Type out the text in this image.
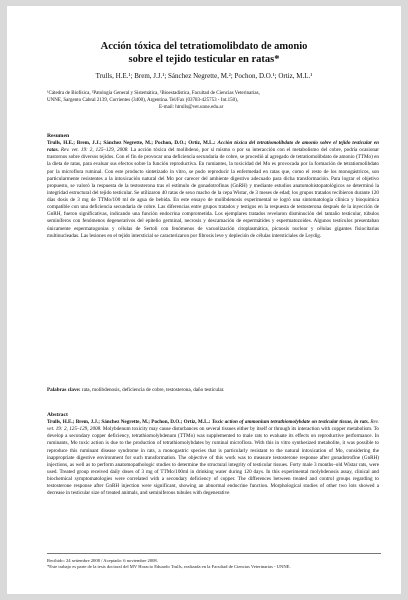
Acción tóxica del tetratiomolibdato de amonio
sobre el tejido testicular en ratas*
Trulls, H.E.¹; Brem, J.J.¹; Sánchez Negrette, M.²; Pochon, D.O.¹; Ortiz, M.L.¹

¹Cátedra de Biofísica, ²Patología General y Sistemática, ¹Bioestadística, Facultad de Ciencias Veterinarias,

UNNE, Sargento Cabral 2139, Corrientes (3400), Argentina. Tel/Fax (03783-425753 - Int.150),

E-mail: htrulls@vet.unne.edu.ar

Resumen

Trulls, H.E.; Brem, J.J.; Sánchez Negrette, M.; Pochon, D.O.; Ortiz, M.L.: Acción tóxica del tetratiomolibdato de amonio sobre el tejido testicular en ratas. Rev. vet. 19: 2, 125–129, 2008. La acción tóxica del molibdeno, por sí mismo o por su interacción con el metabolismo del cobre, podría ocasionar trastornos sobre diversos tejidos. Con el fin de provocar una deficiencia secundaria de cobre, se procedió al agregado de tetratiomolibdato de amonio (TTMo) en la dieta de ratas, para evaluar sus efectos sobre la función reproductiva. En rumiantes, la toxicidad del Mo es provocada por la formación de tetratiomolibdato por la microflora ruminal. Con este producto sintetizado in vitro, se pudo reproducir la enfermedad en ratas que, como el resto de los monogástricos, son particularmente resistentes a la intoxicación natural del Mo por carecer del ambiente digestivo adecuado para dicha transformación. Para lograr el objetivo propuesto, se valoró la respuesta de la testosterona tras el estímulo de gonadotrofinas (GnRH) y mediante estudios anatomohistopatológicos se determinó la integridad estructural del tejido testicular. Se utilizaron 40 ratas de sexo macho de la cepa Wistar, de 3 meses de edad; los grupos tratados recibieron durante 120 días dosis de 3 mg de TTMo/100 ml de agua de bebida. En este ensayo de molibdenosis experimental se logró una sintomatología clínica y bioquímica compatible con una deficiencia secundaria de cobre. Las diferencias entre grupos tratados y testigos en la respuesta de testosterona después de la inyección de GnRH, fueron significativas, indicando una función endocrina comprometida. Los ejemplares tratados revelaron disminución del tamaño testicular, túbulos seminíferos con fenómenos degenerativos del epitelio germinal, necrosis y descamación de espermátides y espermatozoides. Algunos testículos presentaban únicamente espermatogonias y células de Sertoli con fenómenos de vacuolización citoplasmática, picnosis nuclear y células gigantes fisiocitarias multinucleadas. Las lesiones en el tejido intersticial se caracterizaron por fibrosis leve y depleción de células intersticiales de Leydig.

Palabras clave: rata, molibdenosis, deficiencia de cobre, testosterona, daño testicular.
Abstract

Trulls, H.E.; Brem, J.J.; Sánchez Negrette, M.; Pochon, D.O.; Ortiz, M.L.: Toxic action of ammonium tetrathiomolybdate on testicular tissue, in rats. Rev. vet. 19: 2, 125–129, 2008. Molybdenum toxicity may cause disturbances on several tissues either by itself or through its interaction with copper metabolism. To develop a secondary copper deficiency, tetrathiomolybdenum (TTMo) was supplemented to male rats to evaluate its effects on reproductive performance. In ruminants, Mo toxic action is due to the production of tetrathiomolybdates by ruminal microflora. With this in vitro synthesized metabolite, it was possible to reproduce this ruminant disease syndrome in rats, a monogastric species that is particularly resistant to the natural intoxication of Mo, considering the inappropriate digestive environment for such transformation. The objective of this work was to measure testosterone response after gonadotrofine (GnRH) injections, as well as to perform anatomopathologic studies to determine the structural integrity of testicular tissues. Forty male 3 months–old Wistar rats, were used. Treated group received daily doses of 3 mg of TTMo/100ml in drinking water during 120 days. In this experimental molybdenosis assay, clinical and biochemical symptomatologies were correlated with a secondary deficiency of copper. The differences between treated and control groups regarding to testosterone response after GnRH injection were significant, showing an abnormal endocrine function. Morphological studies of other two lots showed a decrease in testicular size of treated animals, and seminiferous tubules with degenerative

Recibido: 24 setiembre 2008 / Aceptado: 6 noviembre 2008.

*Este trabajo es parte de la tesis doctoral del MV Horacio Eduardo Trulls, realizada en la Facultad de Ciencias Veterinarias - UNNE.
